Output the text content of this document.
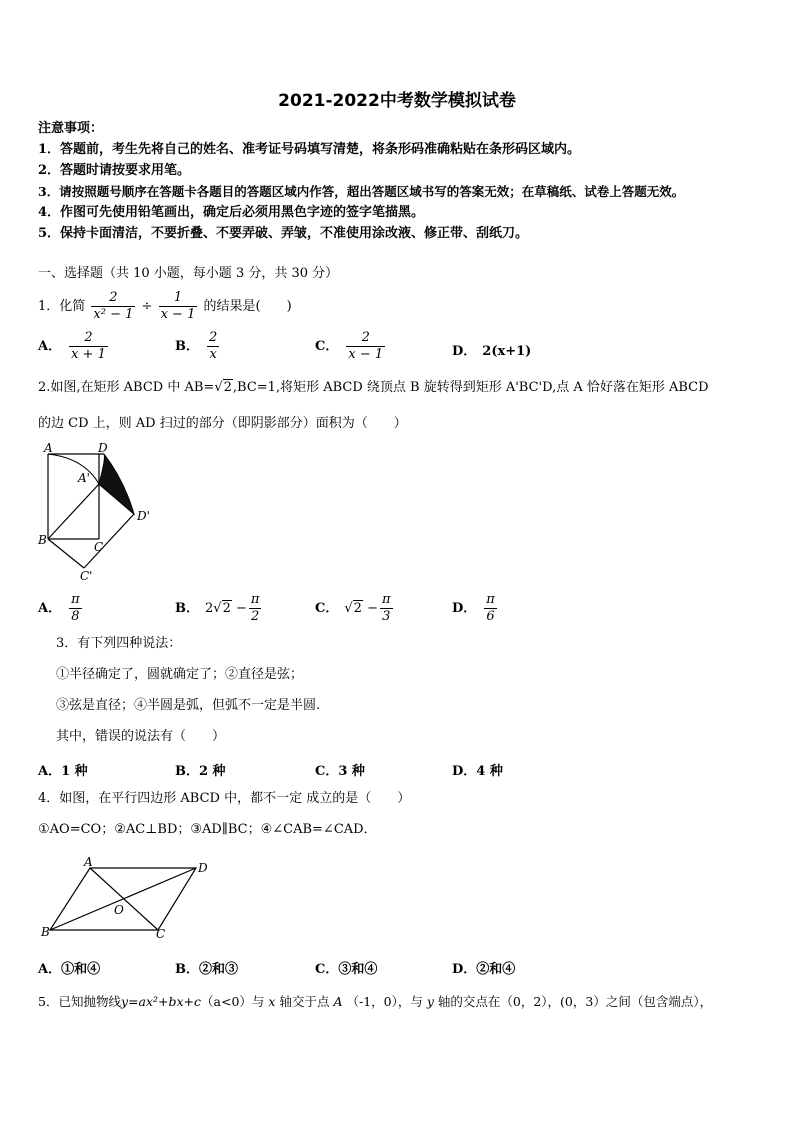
2021-2022中考数学模拟试卷
注意事项：
1．答题前，考生先将自己的姓名、准考证号码填写清楚，将条形码准确粘贴在条形码区域内。
2．答题时请按要求用笔。
3．请按照题号顺序在答题卡各题目的答题区域内作答，超出答题区域书写的答案无效；在草稿纸、试卷上答题无效。
4．作图可先使用铅笔画出，确定后必须用黑色字迹的签字笔描黑。
5．保持卡面清洁，不要折叠、不要弄破、弄皱，不准使用涂改液、修正带、刮纸刀。
一、选择题（共 10 小题，每小题 3 分，共 30 分）
1．化简 $\frac{2}{\text{x² − 1}} \div \frac{1}{x - 1}$ 的结果是(　　)
A． $\frac{2}{x + 1}$	B． $\frac{2}{x}$	C． $\frac{2}{x - 1}$	D． 2(x+1)
2.如图,在矩形 ABCD 中 AB=√2,BC=1,将矩形 ABCD 绕顶点 B 旋转得到矩形 A'BC'D,点 A 恰好落在矩形 ABCD
的边 CD 上，则 AD 扫过的部分（即阴影部分）面积为（　　）
A	D
A'
D'
B	C
C'
A． $\frac{\pi}{8}$	B． $2√2 - \frac{\pi}{2}$	C． $√2 - \frac{\pi}{3}$	D． $\frac{\pi}{6}$
3．有下列四种说法：
①半径确定了，圆就确定了；②直径是弦；
③弦是直径；④半圆是弧，但弧不一定是半圆.
其中，错误的说法有（　　）
A．1 种	B．2 种	C．3 种	D．4 种
4．如图，在平行四边形 ABCD 中，都不一定 成立的是（　　）
①AO=CO；②AC⊥BD；③AD∥BC；④∠CAB=∠CAD．
A	D
O
B	C
A．①和④	B．②和③	C．③和④	D．②和④
5．已知抛物线y=ax²+bx+c（a<0）与 x 轴交于点 A （-1，0），与 y 轴的交点在（0，2），(0，3）之间（包含端点），
